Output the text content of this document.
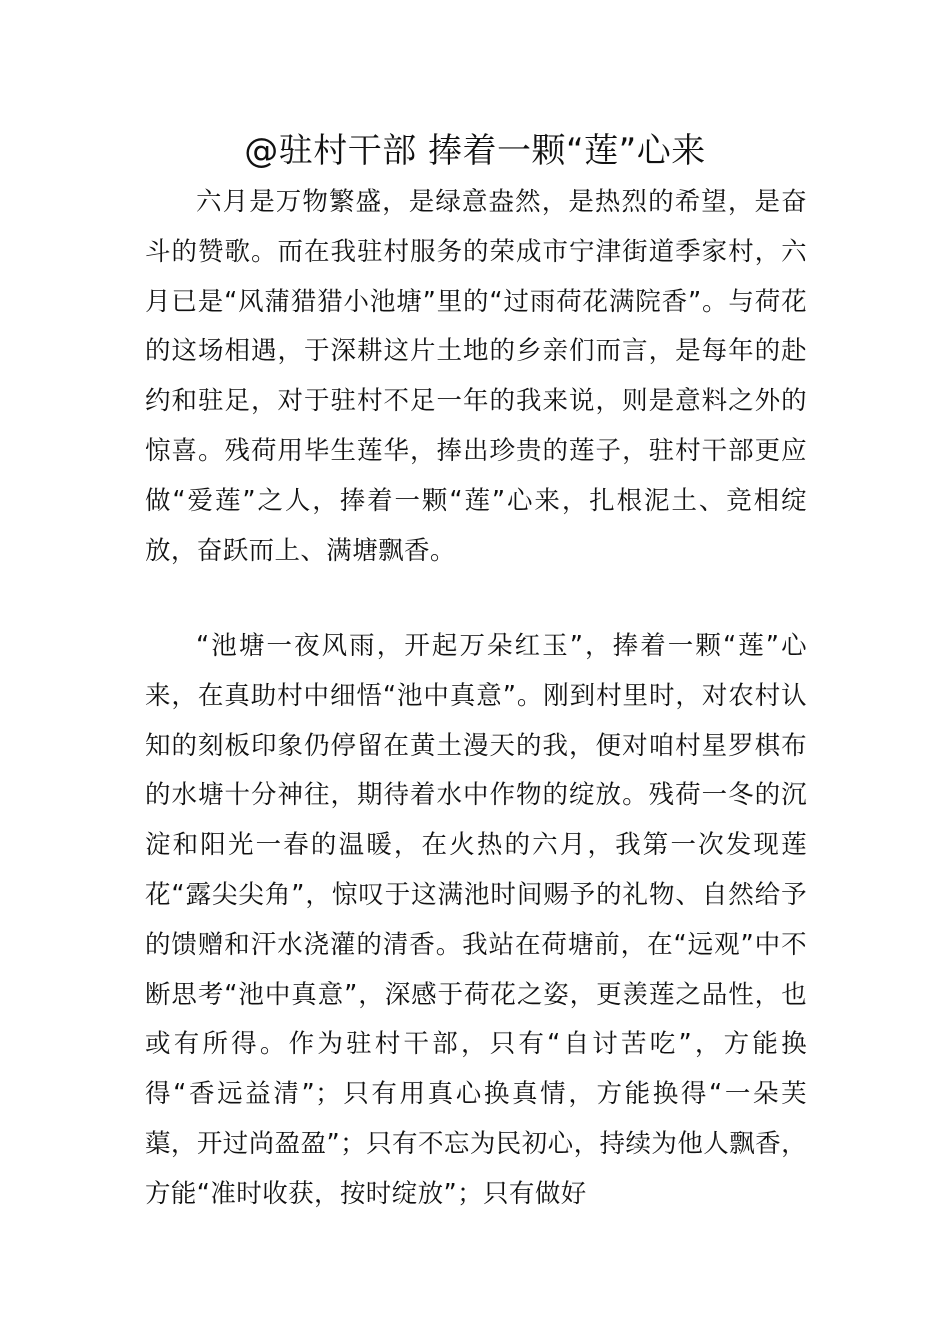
@驻村干部 捧着一颗“莲”心来

六月是万物繁盛，是绿意盎然，是热烈的希望，是奋斗的赞歌。而在我驻村服务的荣成市宁津街道季家村，六月已是“风蒲猎猎小池塘”里的“过雨荷花满院香”。与荷花的这场相遇，于深耕这片土地的乡亲们而言，是每年的赴约和驻足，对于驻村不足一年的我来说，则是意料之外的惊喜。残荷用毕生莲华，捧出珍贵的莲子，驻村干部更应做“爱莲”之人，捧着一颗“莲”心来，扎根泥土、竞相绽放，奋跃而上、满塘飘香。

“池塘一夜风雨，开起万朵红玉”，捧着一颗“莲”心来，在真助村中细悟“池中真意”。刚到村里时，对农村认知的刻板印象仍停留在黄土漫天的我，便对咱村星罗棋布的水塘十分神往，期待着水中作物的绽放。残荷一冬的沉淀和阳光一春的温暖，在火热的六月，我第一次发现莲花“露尖尖角”，惊叹于这满池时间赐予的礼物、自然给予的馈赠和汗水浇灌的清香。我站在荷塘前，在“远观”中不断思考“池中真意”，深感于荷花之姿，更羡莲之品性，也或有所得。作为驻村干部，只有“自讨苦吃”，方能换得“香远益清”；只有用真心换真情，方能换得“一朵芙蕖，开过尚盈盈”；只有不忘为民初心，持续为他人飘香，方能“准时收获，按时绽放”；只有做好
